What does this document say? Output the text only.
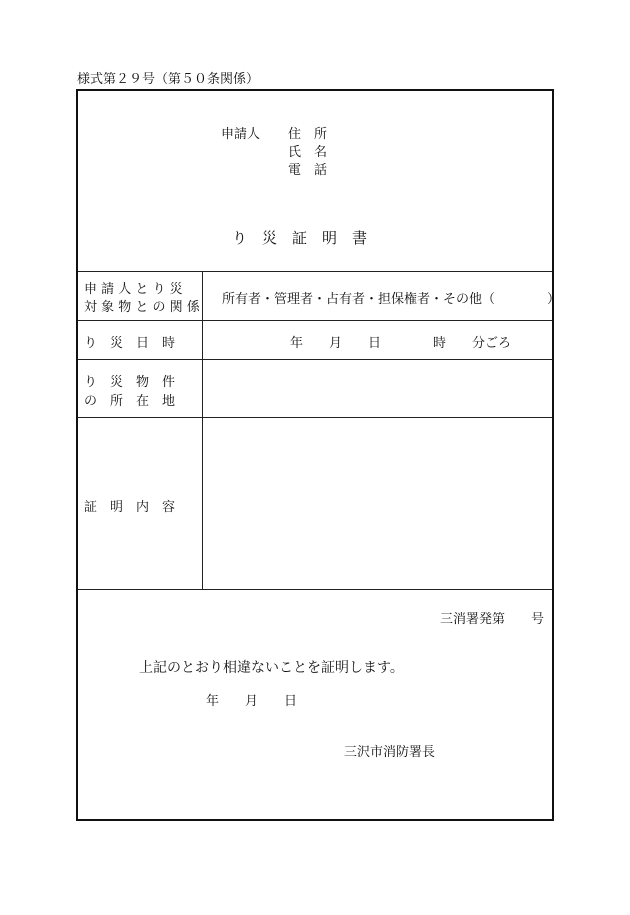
様式第２９号（第５０条関係）
申請人 住　所
氏　名
電　話
り　災　証　明　書
申 請 人 と り 災
対 象 物 と の 関 係
所有者・管理者・占有者・担保権者・その他（　　　　）
り　災　日　時	年　　月　　日　　　　時　　分ごろ
り　災　物　件
の　所　在　地
証　明　内　容
三消署発第　　号
上記のとおり相違ないことを証明します。
年　　月　　日
三沢市消防署長
